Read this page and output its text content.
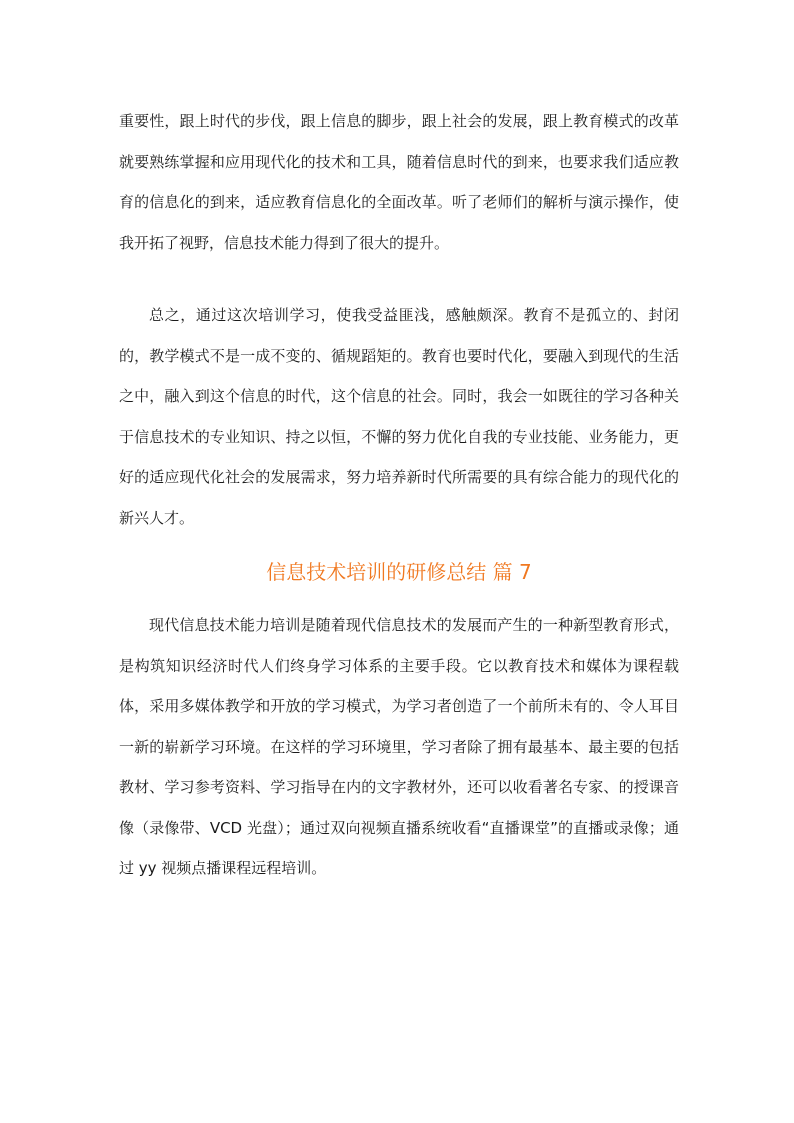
重要性，跟上时代的步伐，跟上信息的脚步，跟上社会的发展，跟上教育模式的改革就要熟练掌握和应用现代化的技术和工具，随着信息时代的到来，也要求我们适应教育的信息化的到来，适应教育信息化的全面改革。听了老师们的解析与演示操作，使我开拓了视野，信息技术能力得到了很大的提升。

总之，通过这次培训学习，使我受益匪浅，感触颇深。教育不是孤立的、封闭的，教学模式不是一成不变的、循规蹈矩的。教育也要时代化，要融入到现代的生活之中，融入到这个信息的时代，这个信息的社会。同时，我会一如既往的学习各种关于信息技术的专业知识、持之以恒，不懈的努力优化自我的专业技能、业务能力，更好的适应现代化社会的发展需求，努力培养新时代所需要的具有综合能力的现代化的新兴人才。

信息技术培训的研修总结 篇 7

现代信息技术能力培训是随着现代信息技术的发展而产生的一种新型教育形式，是构筑知识经济时代人们终身学习体系的主要手段。它以教育技术和媒体为课程载体，采用多媒体教学和开放的学习模式，为学习者创造了一个前所未有的、令人耳目一新的崭新学习环境。在这样的学习环境里，学习者除了拥有最基本、最主要的包括教材、学习参考资料、学习指导在内的文字教材外，还可以收看著名专家、的授课音像（录像带、VCD 光盘）；通过双向视频直播系统收看“直播课堂”的直播或录像；通过 yy 视频点播课程远程培训。
